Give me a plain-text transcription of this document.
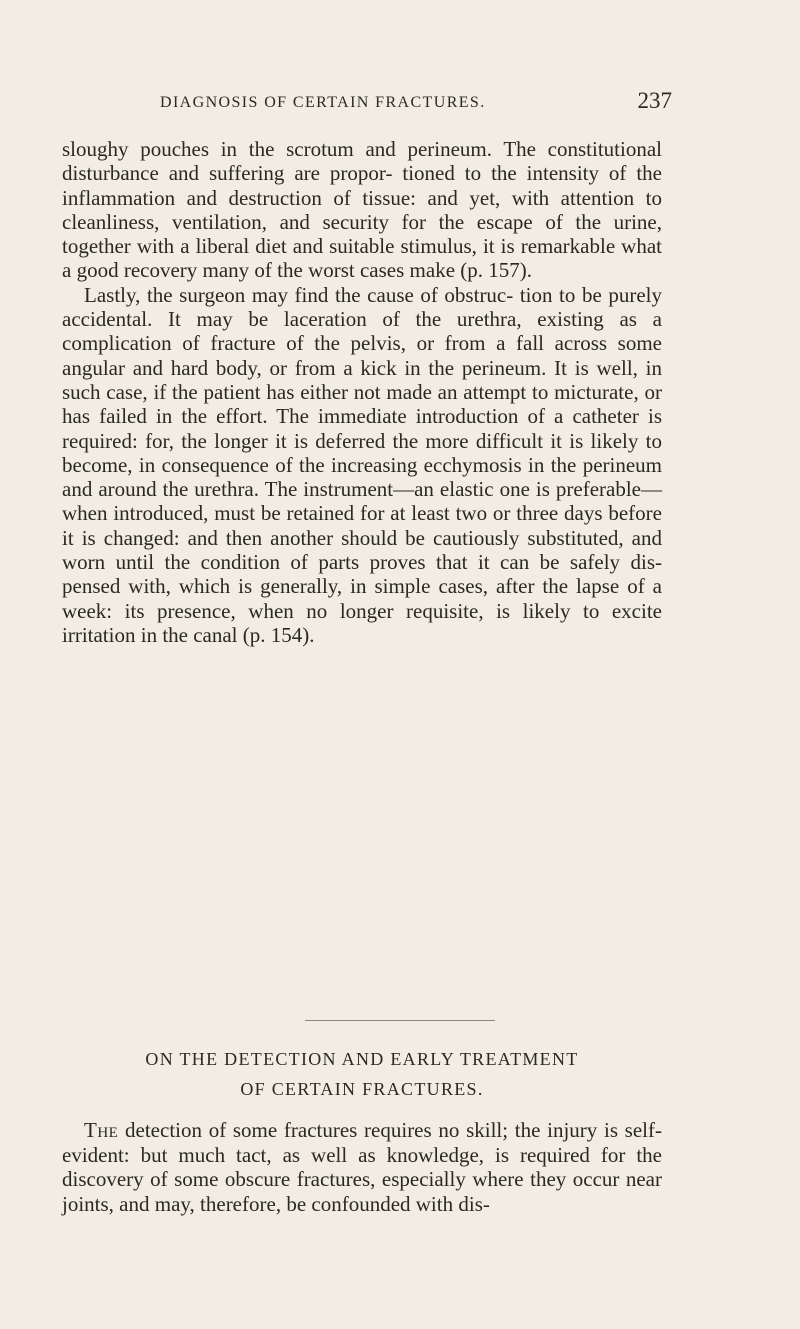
DIAGNOSIS OF CERTAIN FRACTURES.	237

sloughy pouches in the scrotum and perineum. The constitutional disturbance and suffering are propor- tioned to the intensity of the inflammation and destruction of tissue: and yet, with attention to cleanliness, ventilation, and security for the escape of the urine, together with a liberal diet and suitable stimulus, it is remarkable what a good recovery many of the worst cases make (p. 157).

Lastly, the surgeon may find the cause of obstruc- tion to be purely accidental. It may be laceration of the urethra, existing as a complication of fracture of the pelvis, or from a fall across some angular and hard body, or from a kick in the perineum. It is well, in such case, if the patient has either not made an attempt to micturate, or has failed in the effort. The immediate introduction of a catheter is required: for, the longer it is deferred the more difficult it is likely to become, in consequence of the increasing ecchymosis in the perineum and around the urethra. The instrument—an elastic one is preferable—when introduced, must be retained for at least two or three days before it is changed: and then another should be cautiously substituted, and worn until the condition of parts proves that it can be safely dis- pensed with, which is generally, in simple cases, after the lapse of a week: its presence, when no longer requisite, is likely to excite irritation in the canal (p. 154).

ON THE DETECTION AND EARLY TREATMENT
OF CERTAIN FRACTURES.

The detection of some fractures requires no skill; the injury is self-evident: but much tact, as well as knowledge, is required for the discovery of some obscure fractures, especially where they occur near joints, and may, therefore, be confounded with dis-
